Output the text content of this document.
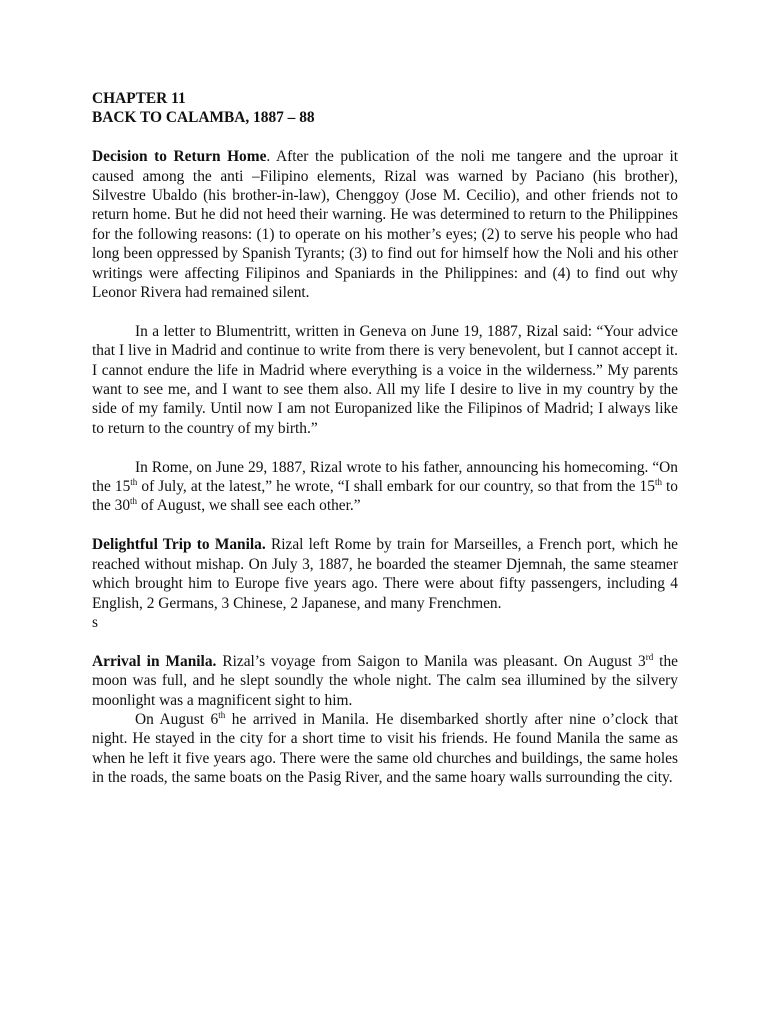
CHAPTER 11

BACK TO CALAMBA, 1887 – 88

Decision to Return Home. After the publication of the noli me tangere and the uproar it caused among the anti –Filipino elements, Rizal was warned by Paciano (his brother), Silvestre Ubaldo (his brother-in-law), Chenggoy (Jose M. Cecilio), and other friends not to return home. But he did not heed their warning. He was determined to return to the Philippines for the following reasons: (1) to operate on his mother’s eyes; (2) to serve his people who had long been oppressed by Spanish Tyrants; (3) to find out for himself how the Noli and his other writings were affecting Filipinos and Spaniards in the Philippines: and (4) to find out why Leonor Rivera had remained silent.

In a letter to Blumentritt, written in Geneva on June 19, 1887, Rizal said: “Your advice that I live in Madrid and continue to write from there is very benevolent, but I cannot accept it. I cannot endure the life in Madrid where everything is a voice in the wilderness.” My parents want to see me, and I want to see them also. All my life I desire to live in my country by the side of my family. Until now I am not Europanized like the Filipinos of Madrid; I always like to return to the country of my birth.”

In Rome, on June 29, 1887, Rizal wrote to his father, announcing his homecoming. “On the 15th of July, at the latest,” he wrote, “I shall embark for our country, so that from the 15th to the 30th of August, we shall see each other.”

Delightful Trip to Manila. Rizal left Rome by train for Marseilles, a French port, which he reached without mishap. On July 3, 1887, he boarded the steamer Djemnah, the same steamer which brought him to Europe five years ago. There were about fifty passengers, including 4 English, 2 Germans, 3 Chinese, 2 Japanese, and many Frenchmen.

s

Arrival in Manila. Rizal’s voyage from Saigon to Manila was pleasant. On August 3rd the moon was full, and he slept soundly the whole night. The calm sea illumined by the silvery moonlight was a magnificent sight to him.

On August 6th he arrived in Manila. He disembarked shortly after nine o’clock that night. He stayed in the city for a short time to visit his friends. He found Manila the same as when he left it five years ago. There were the same old churches and buildings, the same holes in the roads, the same boats on the Pasig River, and the same hoary walls surrounding the city.
